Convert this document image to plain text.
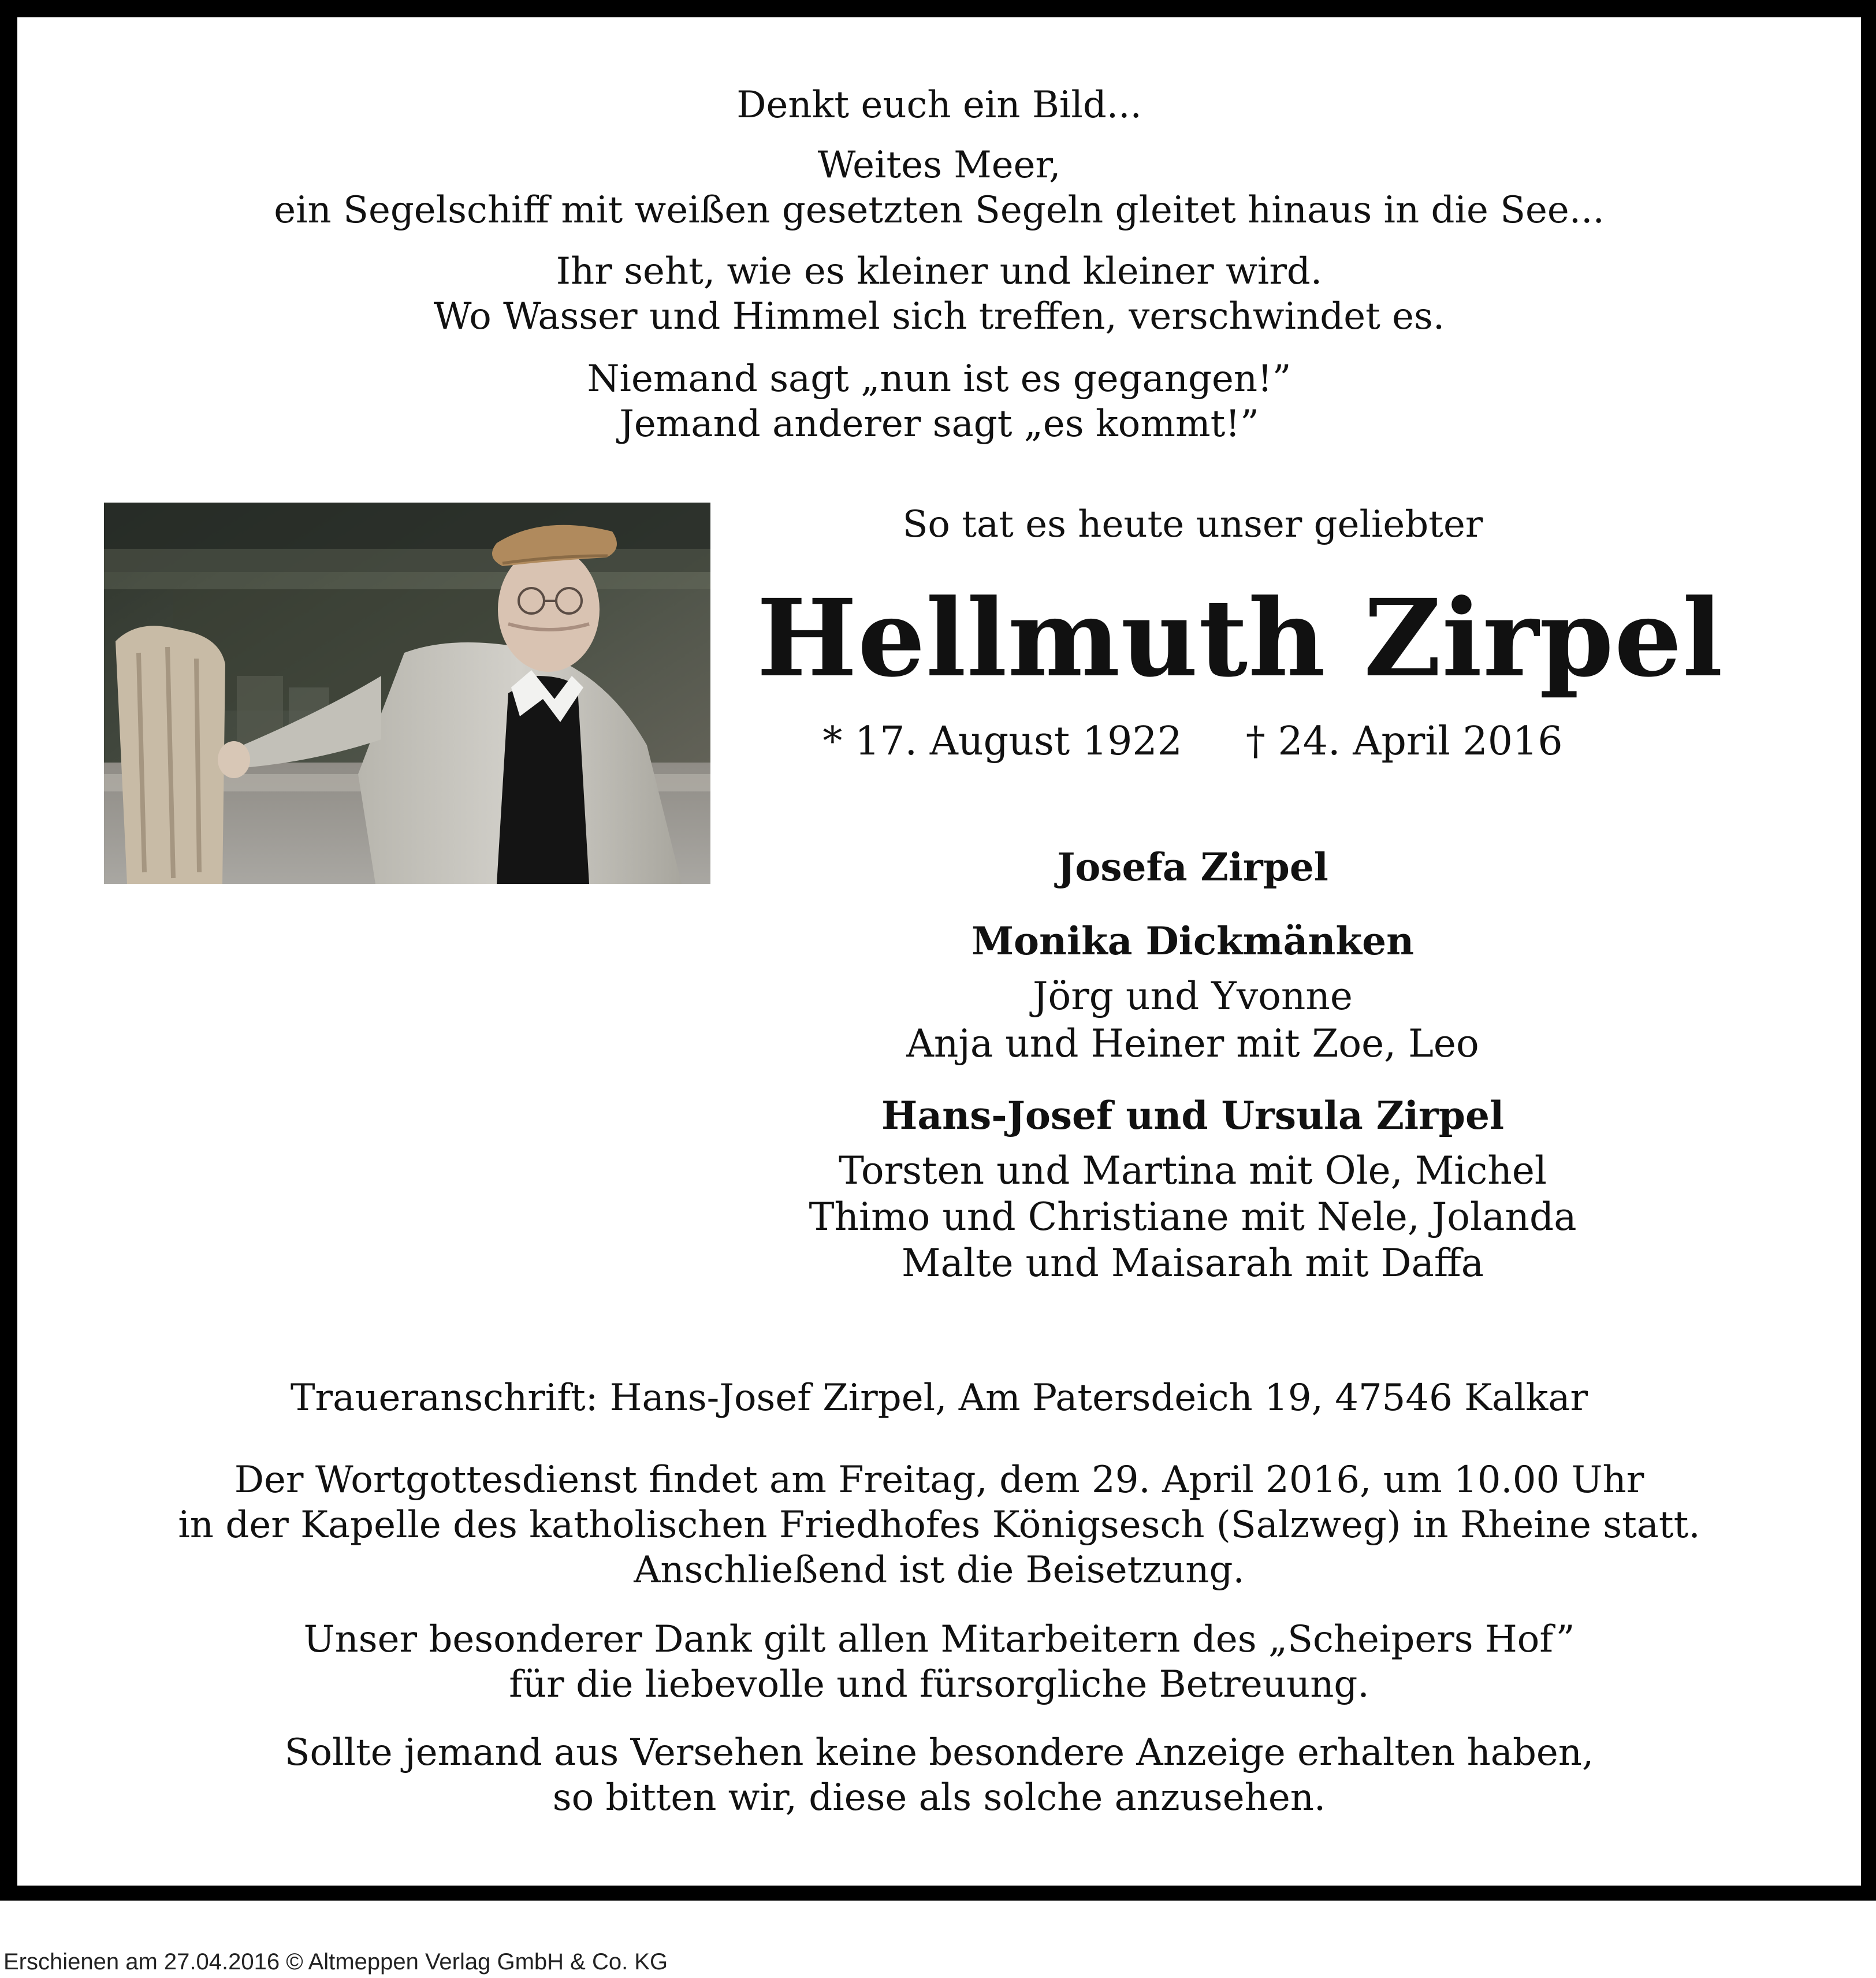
Denkt euch ein Bild...
Weites Meer,
ein Segelschiff mit weißen gesetzten Segeln gleitet hinaus in die See...
Ihr seht, wie es kleiner und kleiner wird.
Wo Wasser und Himmel sich treffen, verschwindet es.
Niemand sagt „nun ist es gegangen!”
Jemand anderer sagt „es kommt!”
So tat es heute unser geliebter
Hellmuth Zirpel
* 17. August 1922 † 24. April 2016
Josefa Zirpel
Monika Dickmänken
Jörg und Yvonne
Anja und Heiner mit Zoe, Leo
Hans-Josef und Ursula Zirpel
Torsten und Martina mit Ole, Michel
Thimo und Christiane mit Nele, Jolanda
Malte und Maisarah mit Daffa
Traueranschrift: Hans-Josef Zirpel, Am Patersdeich 19, 47546 Kalkar
Der Wortgottesdienst findet am Freitag, dem 29. April 2016, um 10.00 Uhr
in der Kapelle des katholischen Friedhofes Königsesch (Salzweg) in Rheine statt.
Anschließend ist die Beisetzung.
Unser besonderer Dank gilt allen Mitarbeitern des „Scheipers Hof”
für die liebevolle und fürsorgliche Betreuung.
Sollte jemand aus Versehen keine besondere Anzeige erhalten haben,
so bitten wir, diese als solche anzusehen.
Erschienen am 27.04.2016 © Altmeppen Verlag GmbH & Co. KG
